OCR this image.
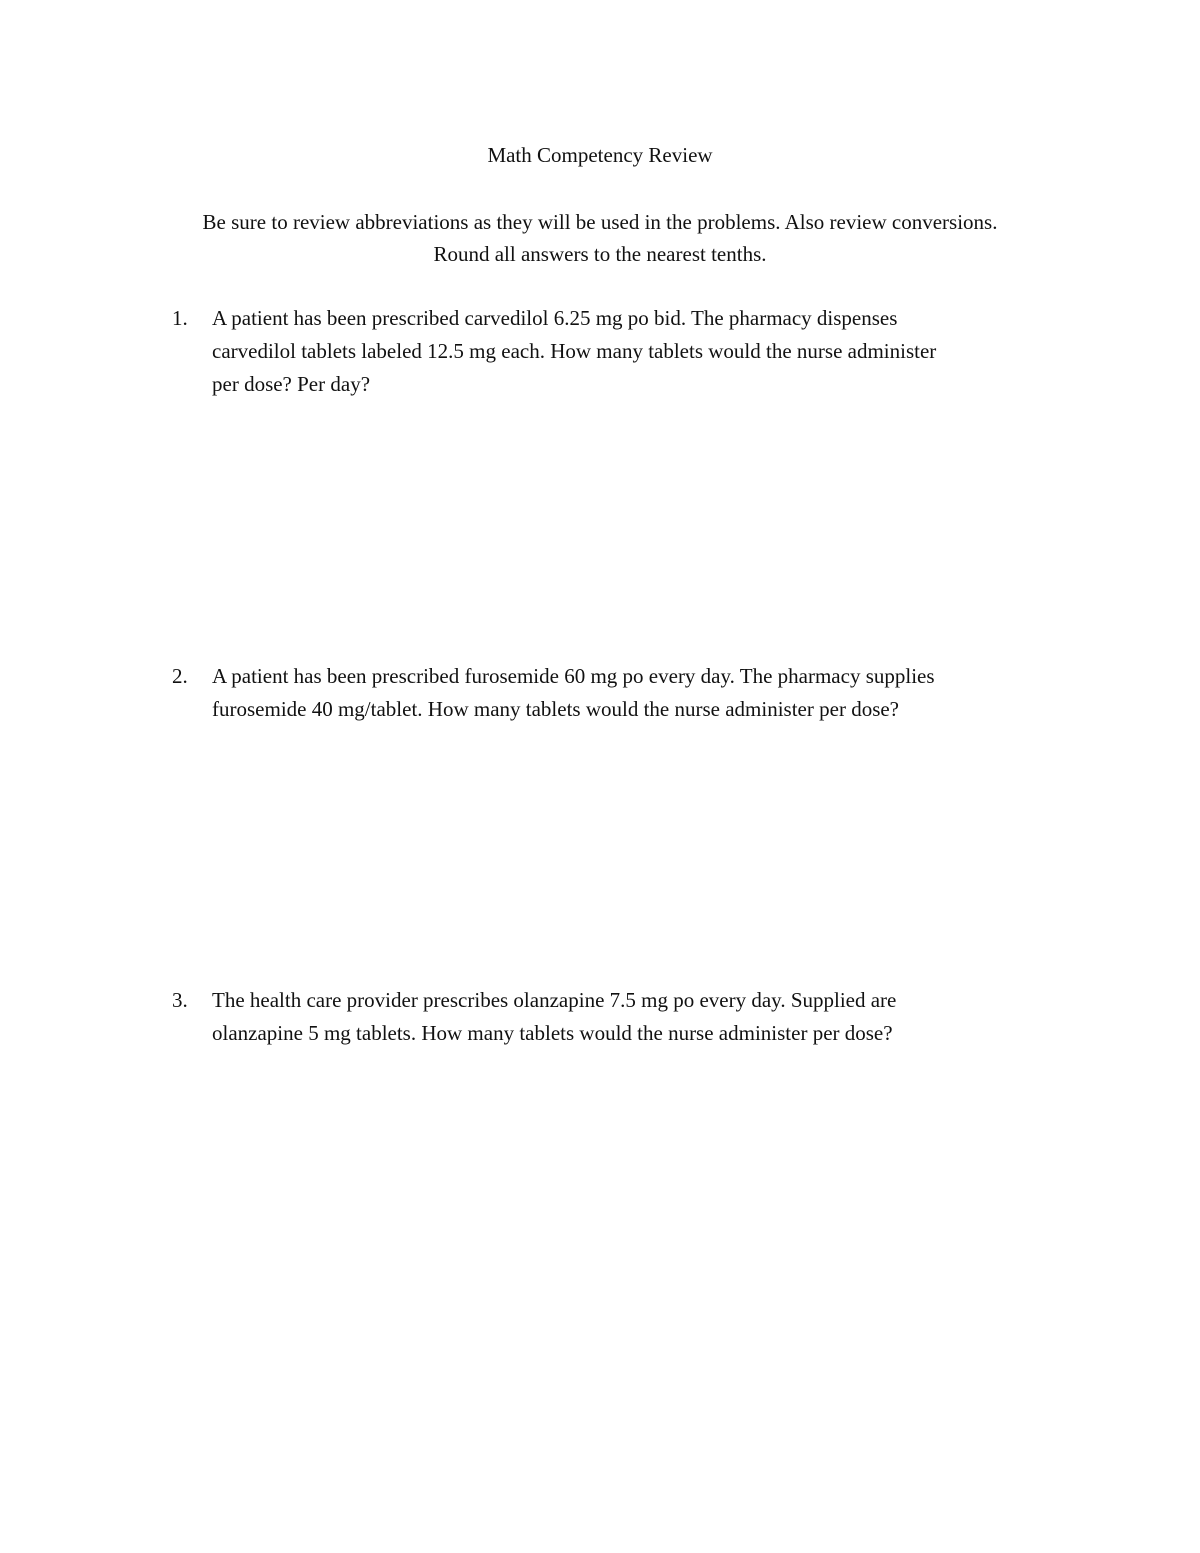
Math Competency Review
Be sure to review abbreviations as they will be used in the problems. Also review conversions.
Round all answers to the nearest tenths.
1.	A patient has been prescribed carvedilol 6.25 mg po bid. The pharmacy dispenses
carvedilol tablets labeled 12.5 mg each. How many tablets would the nurse administer
per dose? Per day?
2.	A patient has been prescribed furosemide 60 mg po every day. The pharmacy supplies
furosemide 40 mg/tablet. How many tablets would the nurse administer per dose?
3.	The health care provider prescribes olanzapine 7.5 mg po every day. Supplied are
olanzapine 5 mg tablets. How many tablets would the nurse administer per dose?
